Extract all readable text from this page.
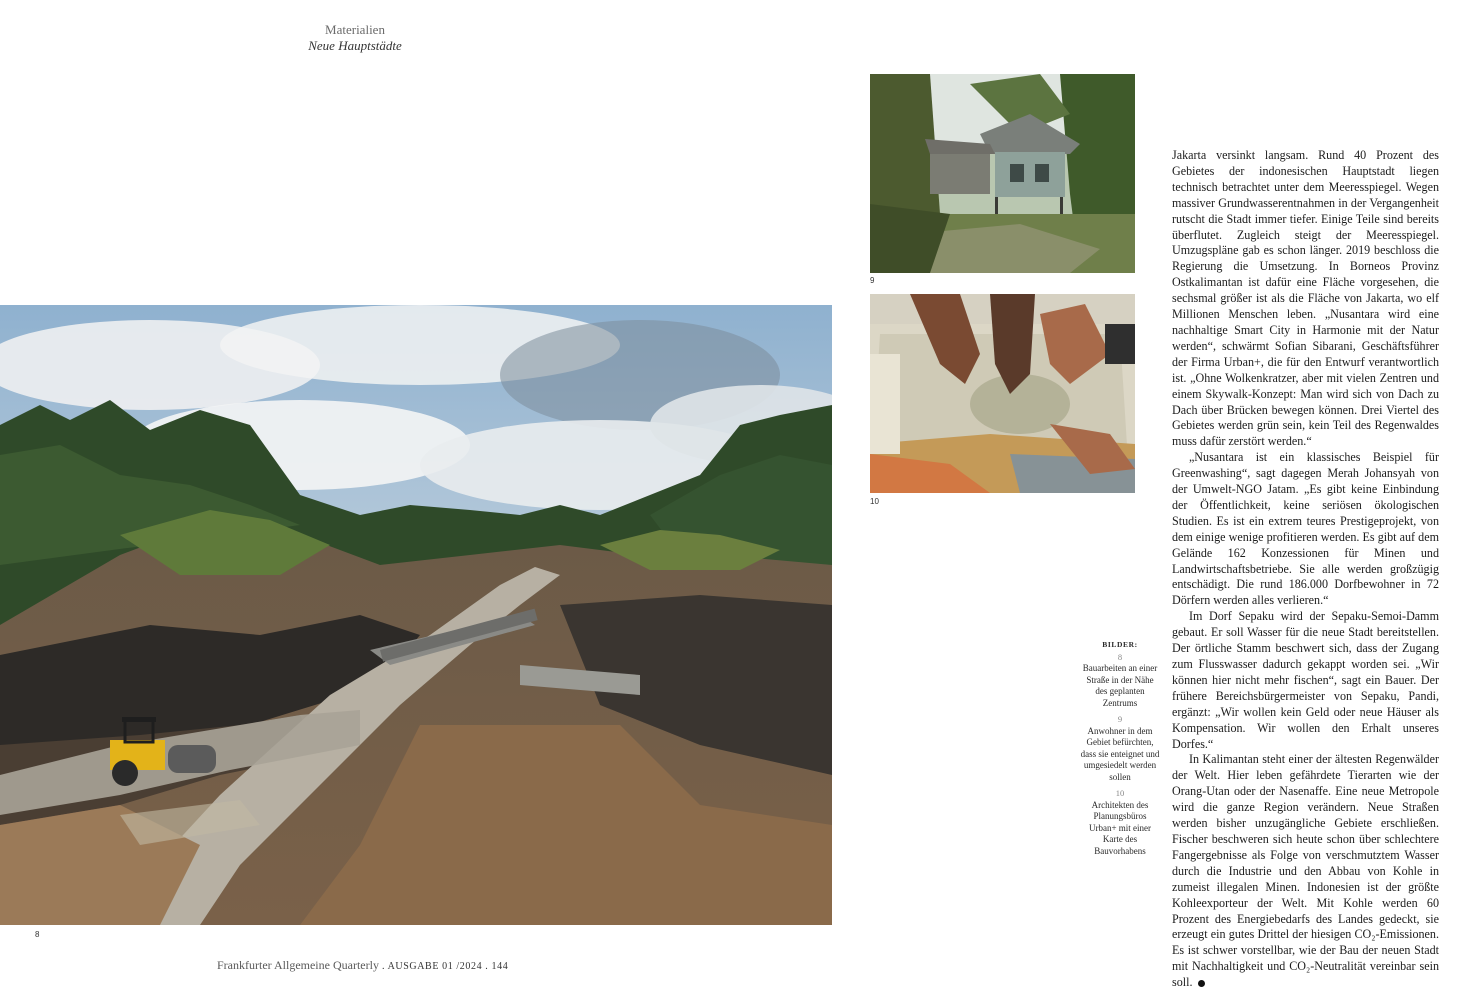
Materialien
Neue Hauptstädte
8
9
10
BILDER:
8
Bauarbeiten an einer Straße in der Nähe des geplanten Zentrums
9
Anwohner in dem Gebiet befürchten, dass sie enteignet und umgesiedelt werden sollen
10
Architekten des Planungsbüros Urban+ mit einer Karte des Bauvorhabens

Jakarta versinkt langsam. Rund 40 Prozent des Gebietes der indonesischen Hauptstadt liegen technisch betrachtet unter dem Meeresspiegel. Wegen massiver Grundwasserentnahmen in der Vergangenheit rutscht die Stadt immer tiefer. Einige Teile sind bereits überflutet. Zugleich steigt der Meeresspiegel. Umzugspläne gab es schon länger. 2019 beschloss die Regierung die Umsetzung. In Borneos Provinz Ostkalimantan ist dafür eine Fläche vorgesehen, die sechsmal größer ist als die Fläche von Jakarta, wo elf Millionen Menschen leben. „Nusantara wird eine nachhaltige Smart City in Harmonie mit der Natur werden“, schwärmt Sofian Sibarani, Geschäftsführer der Firma Urban+, die für den Entwurf verantwortlich ist. „Ohne Wolkenkratzer, aber mit vielen Zentren und einem Skywalk-Konzept: Man wird sich von Dach zu Dach über Brücken bewegen können. Drei Viertel des Gebietes werden grün sein, kein Teil des Regenwaldes muss dafür zerstört werden.“

„Nusantara ist ein klassisches Beispiel für Greenwashing“, sagt dagegen Merah Johansyah von der Umwelt-NGO Jatam. „Es gibt keine Einbindung der Öffentlichkeit, keine seriösen ökologischen Studien. Es ist ein extrem teures Prestigeprojekt, von dem einige wenige profitieren werden. Es gibt auf dem Gelände 162 Konzessionen für Minen und Landwirtschaftsbetriebe. Sie alle werden großzügig entschädigt. Die rund 186.000 Dorfbewohner in 72 Dörfern werden alles verlieren.“

Im Dorf Sepaku wird der Sepaku-Semoi-Damm gebaut. Er soll Wasser für die neue Stadt bereitstellen. Der örtliche Stamm beschwert sich, dass der Zugang zum Flusswasser dadurch gekappt worden sei. „Wir können hier nicht mehr fischen“, sagt ein Bauer. Der frühere Bereichsbürgermeister von Sepaku, Pandi, ergänzt: „Wir wollen kein Geld oder neue Häuser als Kompensation. Wir wollen den Erhalt unseres Dorfes.“

In Kalimantan steht einer der ältesten Regenwälder der Welt. Hier leben gefährdete Tierarten wie der Orang-Utan oder der Nasenaffe. Eine neue Metropole wird die ganze Region verändern. Neue Straßen werden bisher unzugängliche Gebiete erschließen. Fischer beschweren sich heute schon über schlechtere Fangergebnisse als Folge von verschmutztem Wasser durch die Industrie und den Abbau von Kohle in zumeist illegalen Minen. Indonesien ist der größte Kohleexporteur der Welt. Mit Kohle werden 60 Prozent des Energiebedarfs des Landes gedeckt, sie erzeugt ein gutes Drittel der hiesigen CO₂-Emissionen. Es ist schwer vorstellbar, wie der Bau der neuen Stadt mit Nachhaltigkeit und CO₂-Neutralität vereinbar sein soll.

Frankfurter Allgemeine Quarterly . AUSGABE 01 /2024 . 144
